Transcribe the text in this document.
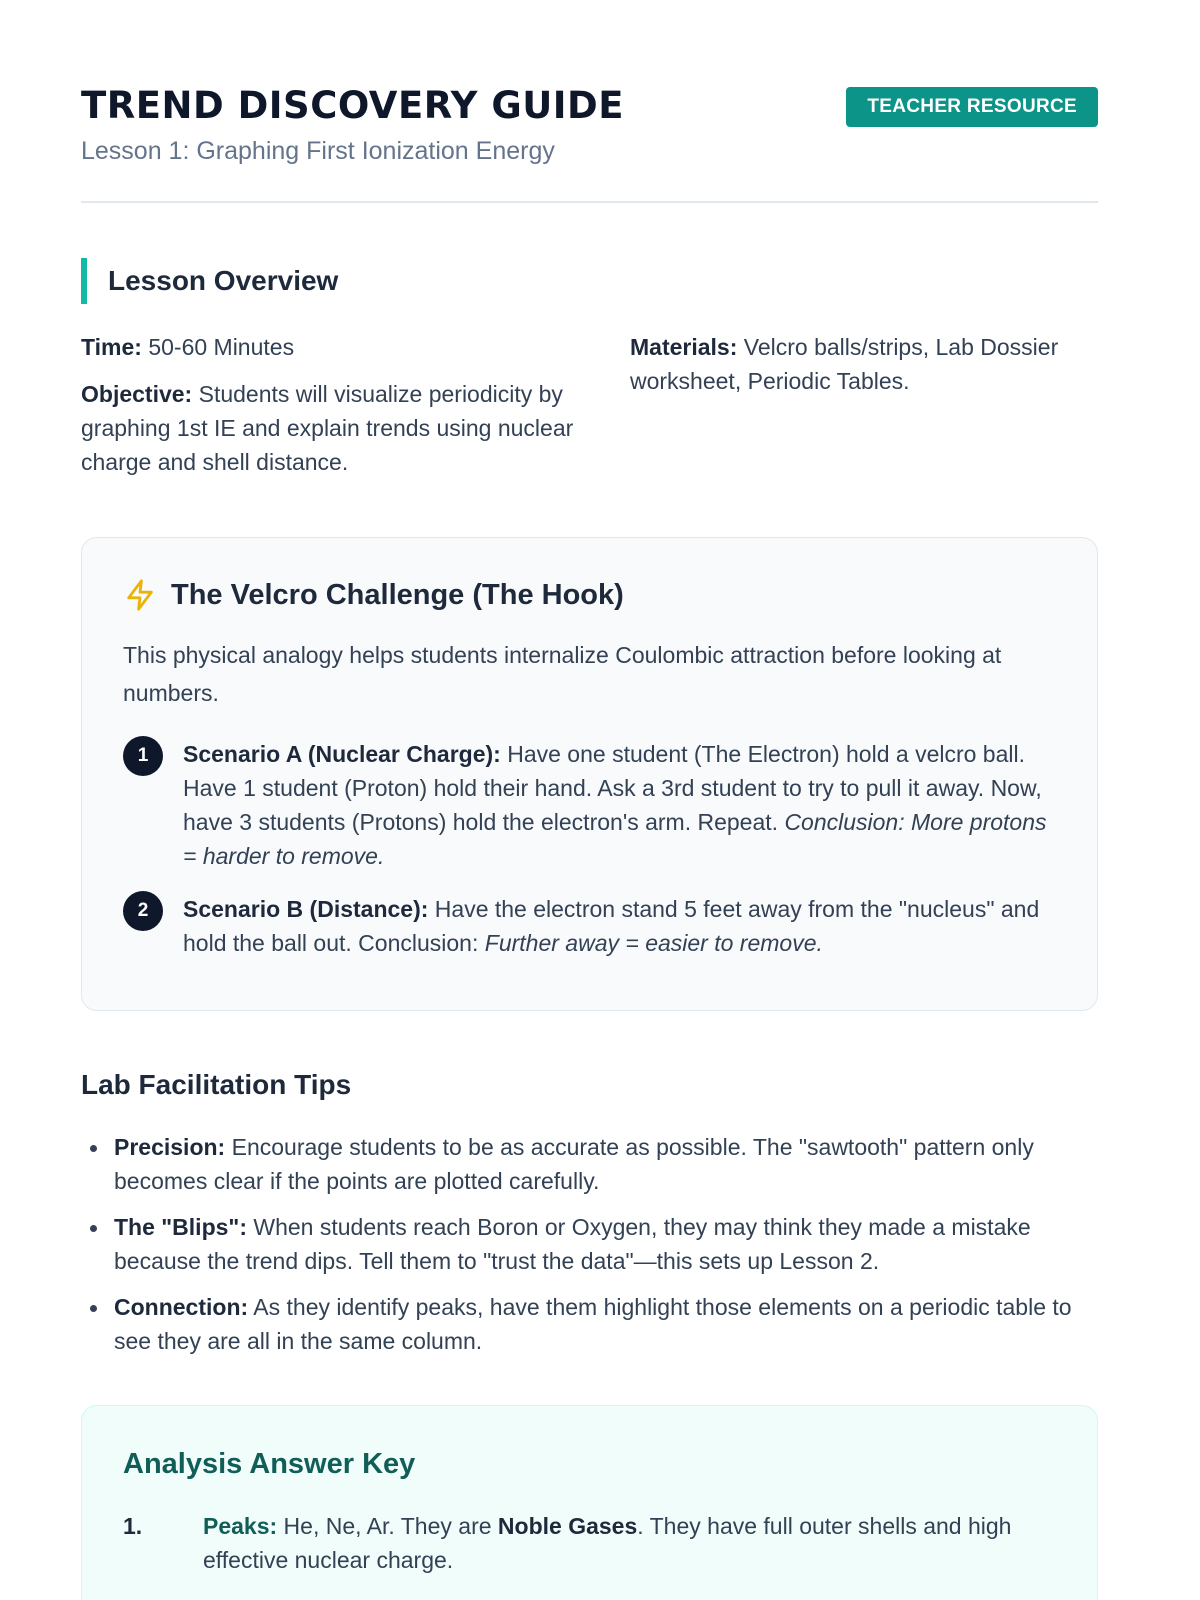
TREND DISCOVERY GUIDE
Lesson 1: Graphing First Ionization Energy
TEACHER RESOURCE
Lesson Overview

Time: 50-60 Minutes

Objective: Students will visualize periodicity by graphing 1st IE and explain trends using nuclear charge and shell distance.

Materials: Velcro balls/strips, Lab Dossier worksheet, Periodic Tables.

The Velcro Challenge (The Hook)

This physical analogy helps students internalize Coulombic attraction before looking at numbers.

1	Scenario A (Nuclear Charge): Have one student (The Electron) hold a velcro ball. Have 1 student (Proton) hold their hand. Ask a 3rd student to try to pull it away. Now, have 3 students (Protons) hold the electron's arm. Repeat. Conclusion: More protons = harder to remove.
2	Scenario B (Distance): Have the electron stand 5 feet away from the "nucleus" and hold the ball out. Conclusion: Further away = easier to remove.
Lab Facilitation Tips
Precision: Encourage students to be as accurate as possible. The "sawtooth" pattern only becomes clear if the points are plotted carefully.
The "Blips": When students reach Boron or Oxygen, they may think they made a mistake because the trend dips. Tell them to "trust the data"—this sets up Lesson 2.
Connection: As they identify peaks, have them highlight those elements on a periodic table to see they are all in the same column.
Analysis Answer Key
1.	Peaks: He, Ne, Ar. They are Noble Gases. They have full outer shells and high effective nuclear charge.
